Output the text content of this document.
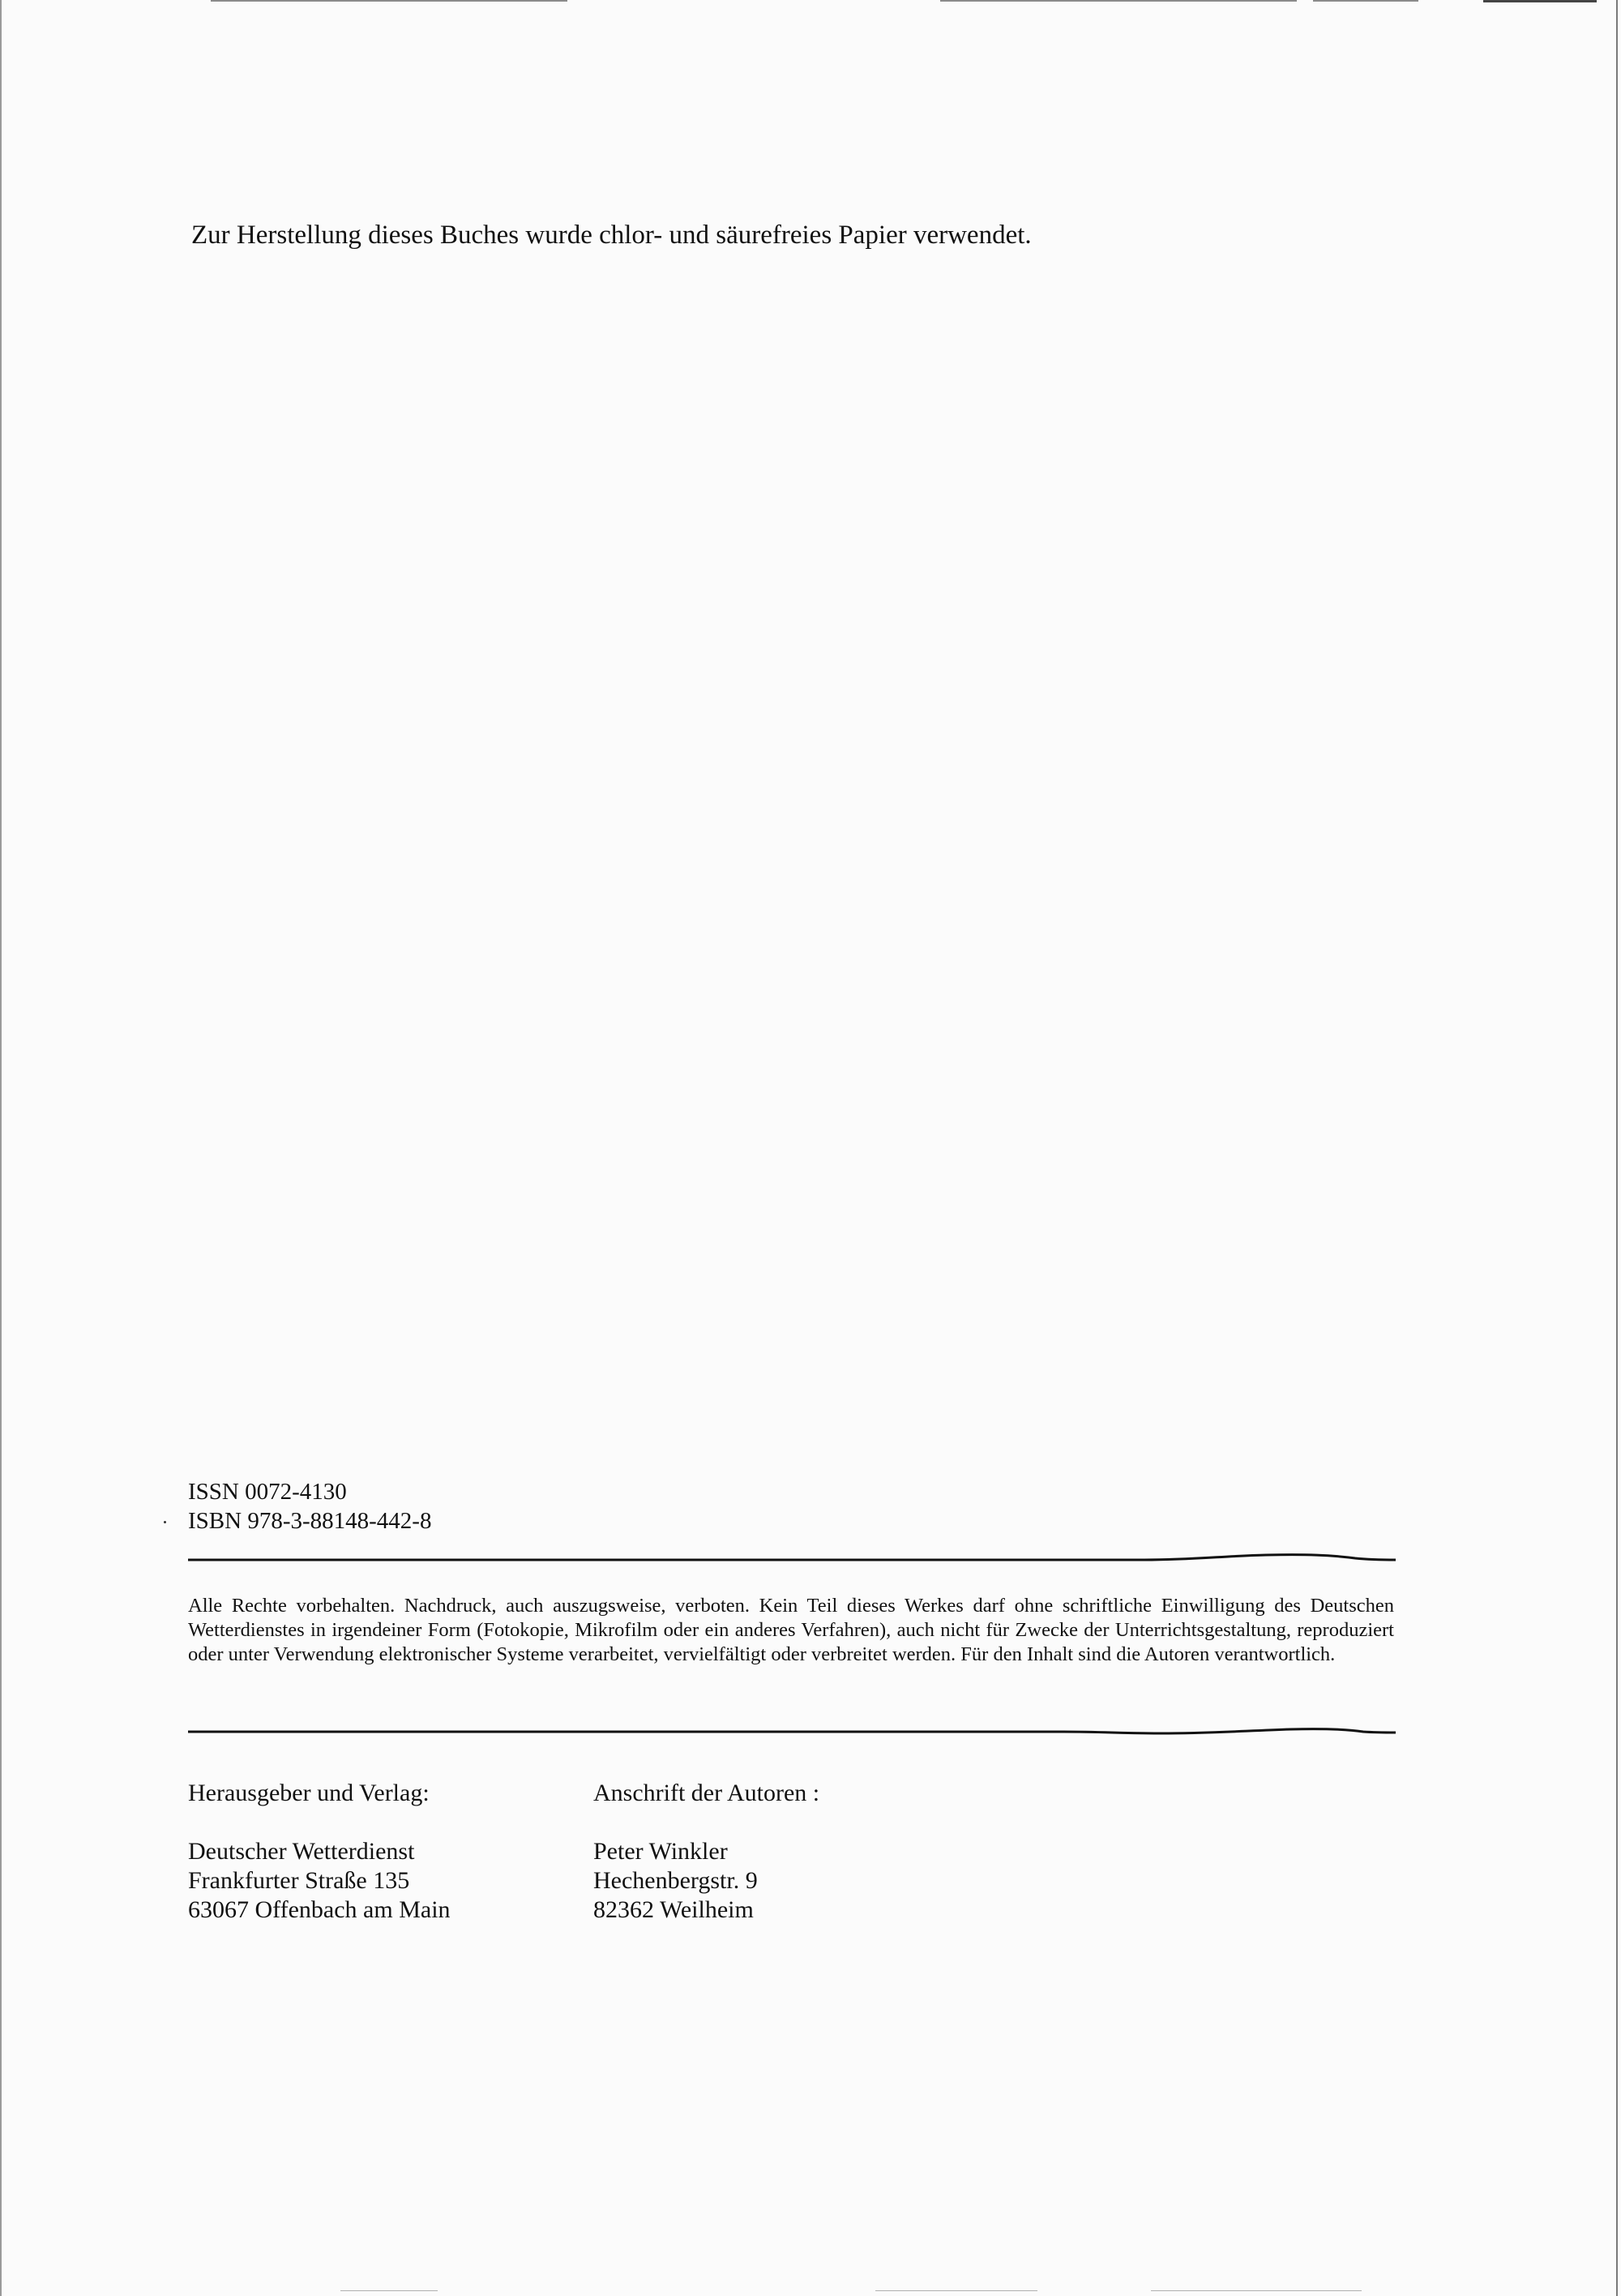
Zur Herstellung dieses Buches wurde chlor- und säurefreies Papier verwendet.
ISSN 0072-4130
ISBN 978-3-88148-442-8
Alle Rechte vorbehalten. Nachdruck, auch auszugsweise, verboten. Kein Teil dieses Werkes darf ohne schriftliche Einwilligung des Deutschen Wetterdienstes in irgendeiner Form (Fotokopie, Mikrofilm oder ein anderes Verfahren), auch nicht für Zwecke der Unterrichtsgestaltung, reproduziert oder unter Verwendung elektronischer Systeme verarbeitet, vervielfältigt oder verbreitet werden. Für den Inhalt sind die Autoren verantwortlich.
Herausgeber und Verlag:
Deutscher Wetterdienst
Frankfurter Straße 135
63067 Offenbach am Main
Anschrift der Autoren :
Peter Winkler
Hechenbergstr. 9
82362 Weilheim
